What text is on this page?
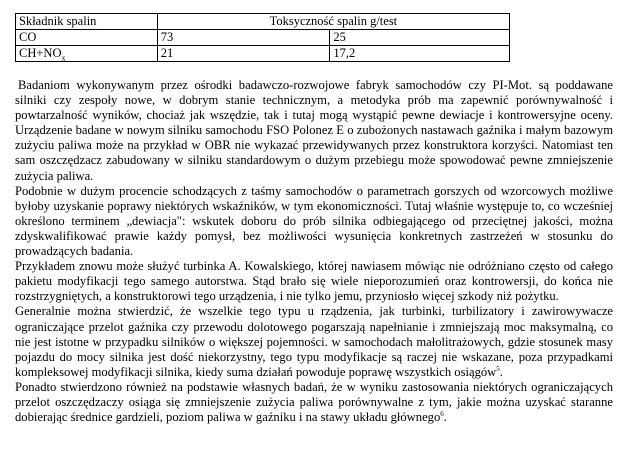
Składnik spalin	Toksyczność spalin g/test	
CO	73	25
$CH+NO_x$	21	17,2

Badaniom wykonywanym przez ośrodki badawczo-rozwojowe fabryk samochodów czy PI-Mot. są poddawane silniki czy zespoły nowe, w dobrym stanie technicznym, a metodyka prób ma zapewnić porównywalność i powtarzalność wyników, chociaż jak wszędzie, tak i tutaj mogą wystąpić pewne dewiacje i kontrowersyjne oceny. Urządzenie badane w nowym silniku samochodu FSO Polonez E o zubożonych nastawach gaźnika i małym bazowym zużyciu paliwa może na przykład w OBR nie wykazać przewidywanych przez konstruktora korzyści. Natomiast ten sam oszczędzacz zabudowany w silniku standardowym o dużym przebiegu może spowodować pewne zmniejszenie zużycia paliwa.

Podobnie w dużym procencie schodzących z taśmy samochodów o parametrach gorszych od wzorcowych możliwe byłoby uzyskanie poprawy niektórych wskaźników, w tym ekonomiczności. Tutaj właśnie występuje to, co wcześniej określono terminem „dewiacja": wskutek doboru do prób silnika odbiegającego od przeciętnej jakości, można zdyskwalifikować prawie każdy pomysł, bez możliwości wysunięcia konkretnych zastrzeżeń w stosunku do prowadzących badania.

Przykładem znowu może służyć turbinka A. Kowalskiego, której nawiasem mówiąc nie odróżniano często od całego pakietu modyfikacji tego samego autorstwa. Stąd brało się wiele nieporozumień oraz kontrowersji, do końca nie rozstrzygniętych, a konstruktorowi tego urządzenia, i nie tylko jemu, przyniosło więcej szkody niż pożytku.

Generalnie można stwierdzić, że wszelkie tego typu u rządzenia, jak turbinki, turbilizatory i zawirowywacze ograniczające przelot gaźnika czy przewodu dolotowego pogarszają napełnianie i zmniejszają moc maksymalną, co nie jest istotne w przypadku silników o większej pojemności. w samochodach małolitrażowych, gdzie stosunek masy pojazdu do mocy silnika jest dość niekorzystny, tego typu modyfikacje są raczej nie wskazane, poza przypadkami kompleksowej modyfikacji silnika, kiedy suma działań powoduje poprawę wszystkich osiągów$^5$.

Ponadto stwierdzono również na podstawie własnych badań, że w wyniku zastosowania niektórych ograniczających przelot oszczędzaczy osiąga się zmniejszenie zużycia paliwa porównywalne z tym, jakie można uzyskać staranne dobierając średnice gardzieli, poziom paliwa w gaźniku i na stawy układu głównego$^6$.
